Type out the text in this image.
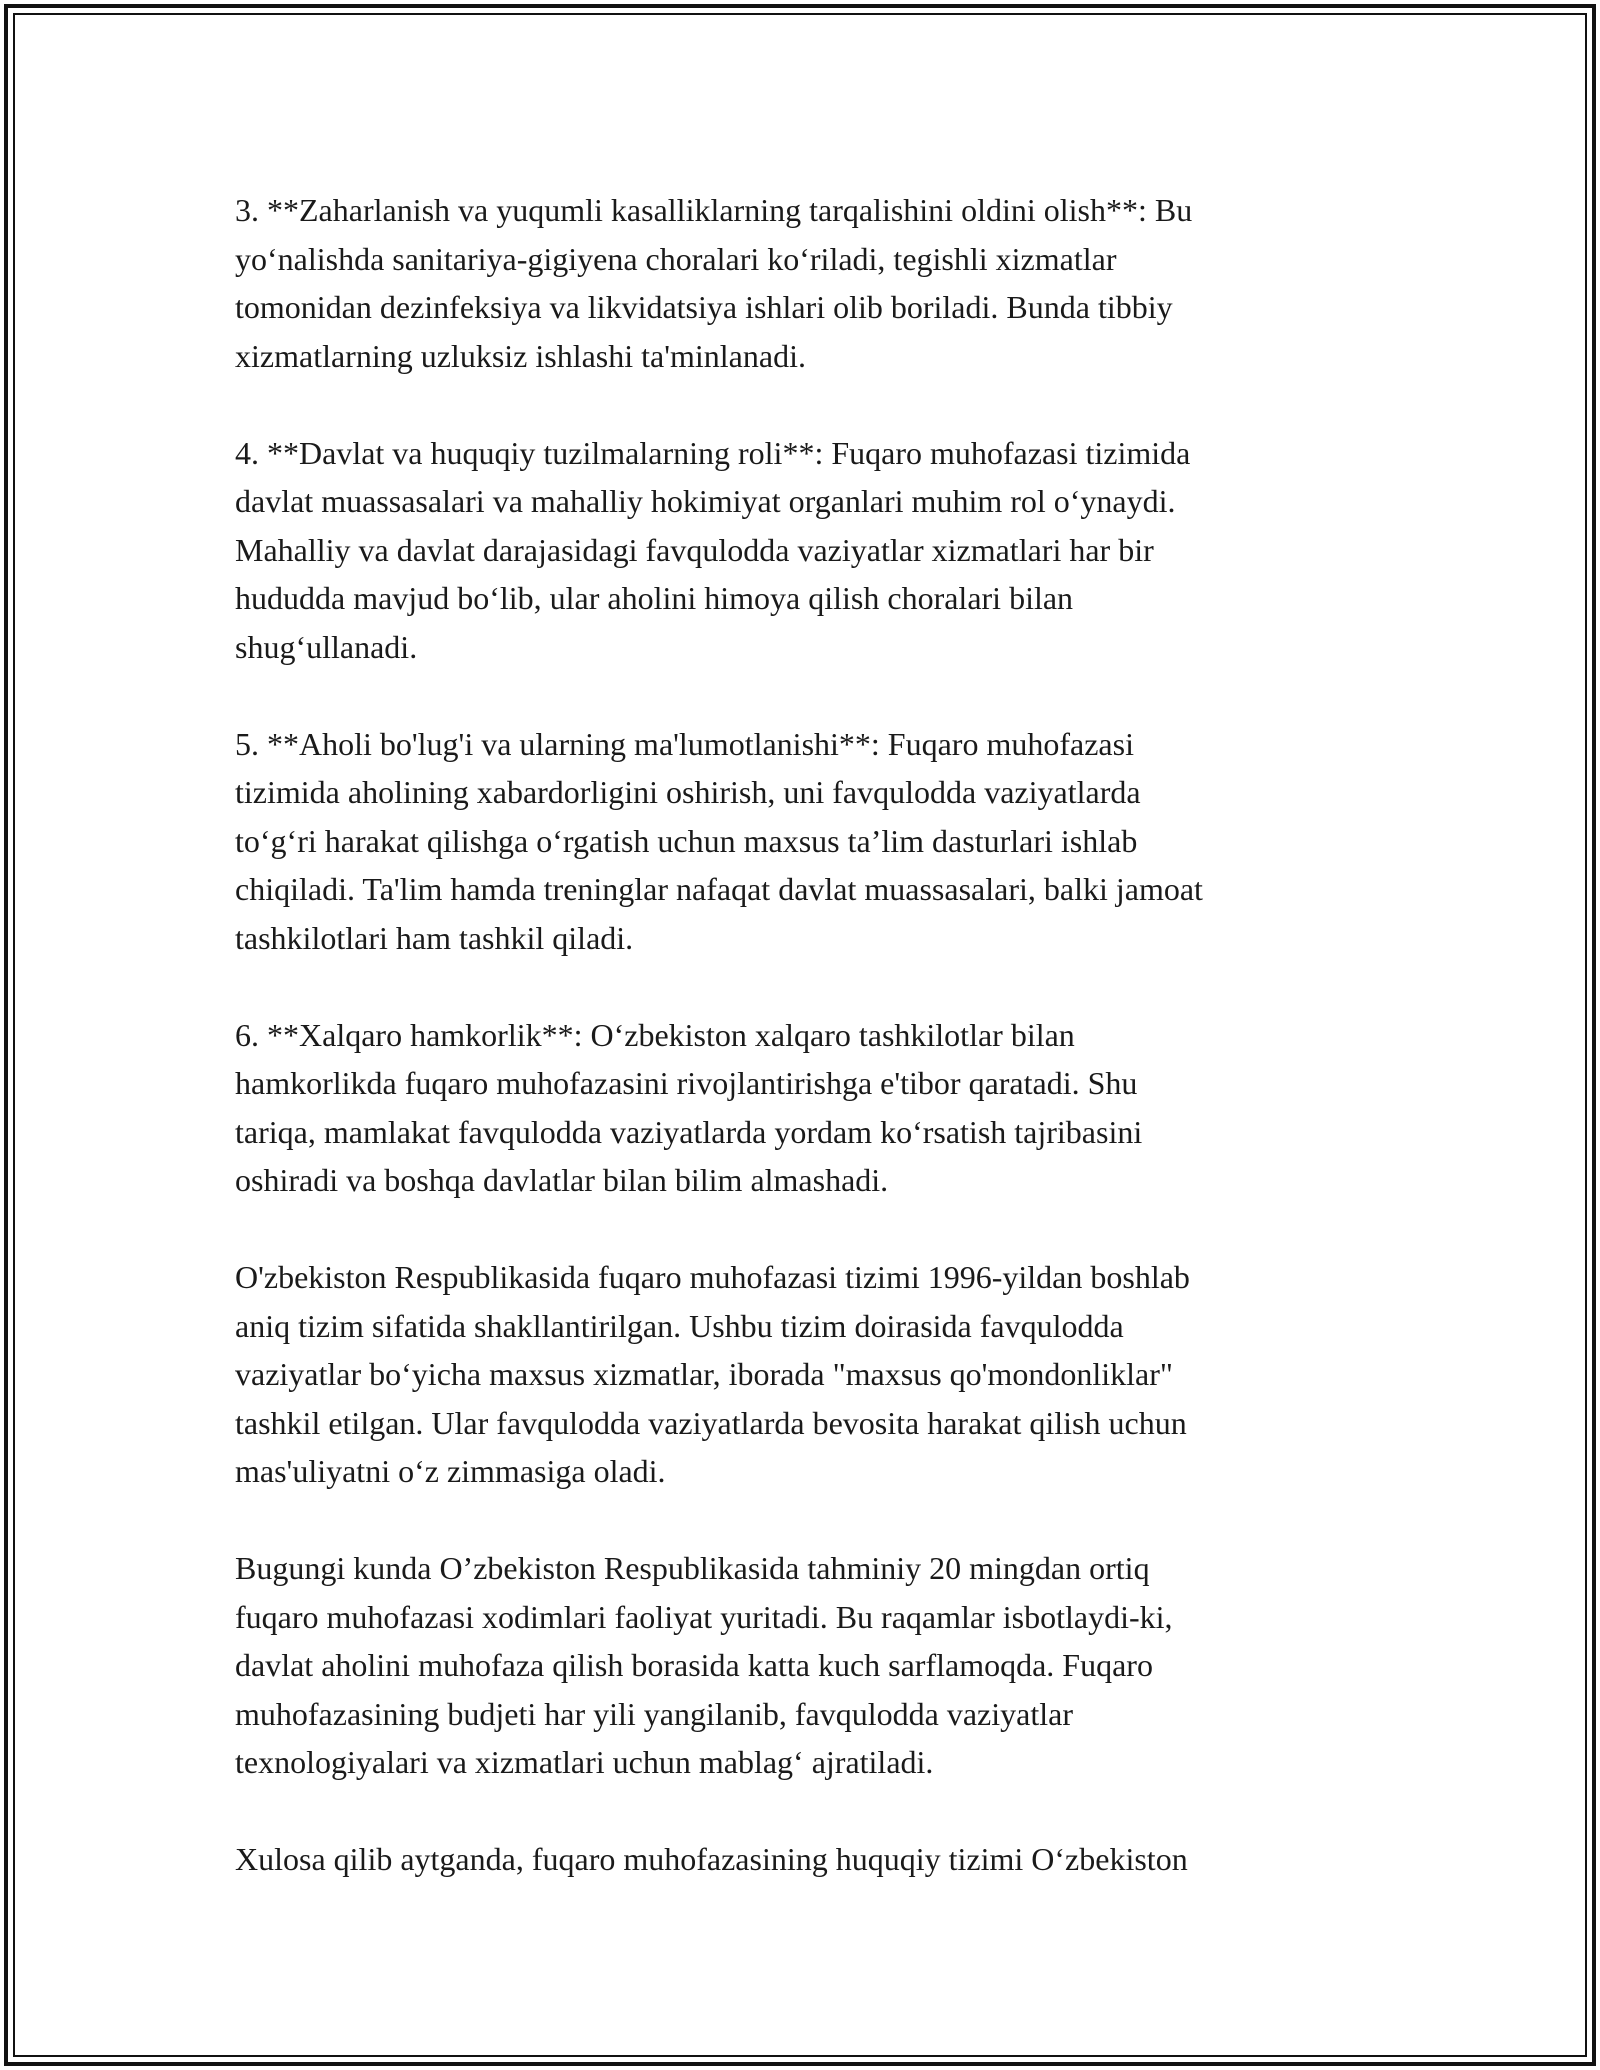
3. **Zaharlanish va yuqumli kasalliklarning tarqalishini oldini olish**: Bu
yoʻnalishda sanitariya-gigiyena choralari koʻriladi, tegishli xizmatlar
tomonidan dezinfeksiya va likvidatsiya ishlari olib boriladi. Bunda tibbiy
xizmatlarning uzluksiz ishlashi ta'minlanadi.

4. **Davlat va huquqiy tuzilmalarning roli**: Fuqaro muhofazasi tizimida
davlat muassasalari va mahalliy hokimiyat organlari muhim rol oʻynaydi.
Mahalliy va davlat darajasidagi favqulodda vaziyatlar xizmatlari har bir
hududda mavjud boʻlib, ular aholini himoya qilish choralari bilan
shugʻullanadi.

5. **Aholi bo'lug'i va ularning ma'lumotlanishi**: Fuqaro muhofazasi
tizimida aholining xabardorligini oshirish, uni favqulodda vaziyatlarda
toʻgʻri harakat qilishga oʻrgatish uchun maxsus taʼlim dasturlari ishlab
chiqiladi. Ta'lim hamda treninglar nafaqat davlat muassasalari, balki jamoat
tashkilotlari ham tashkil qiladi.

6. **Xalqaro hamkorlik**: Oʻzbekiston xalqaro tashkilotlar bilan
hamkorlikda fuqaro muhofazasini rivojlantirishga e'tibor qaratadi. Shu
tariqa, mamlakat favqulodda vaziyatlarda yordam koʻrsatish tajribasini
oshiradi va boshqa davlatlar bilan bilim almashadi.

O'zbekiston Respublikasida fuqaro muhofazasi tizimi 1996-yildan boshlab
aniq tizim sifatida shakllantirilgan. Ushbu tizim doirasida favqulodda
vaziyatlar boʻyicha maxsus xizmatlar, iborada "maxsus qo'mondonliklar"
tashkil etilgan. Ular favqulodda vaziyatlarda bevosita harakat qilish uchun
mas'uliyatni oʻz zimmasiga oladi.

Bugungi kunda O’zbekiston Respublikasida tahminiy 20 mingdan ortiq
fuqaro muhofazasi xodimlari faoliyat yuritadi. Bu raqamlar isbotlaydi-ki,
davlat aholini muhofaza qilish borasida katta kuch sarflamoqda. Fuqaro
muhofazasining budjeti har yili yangilanib, favqulodda vaziyatlar
texnologiyalari va xizmatlari uchun mablagʻ ajratiladi.

Xulosa qilib aytganda, fuqaro muhofazasining huquqiy tizimi Oʻzbekiston
